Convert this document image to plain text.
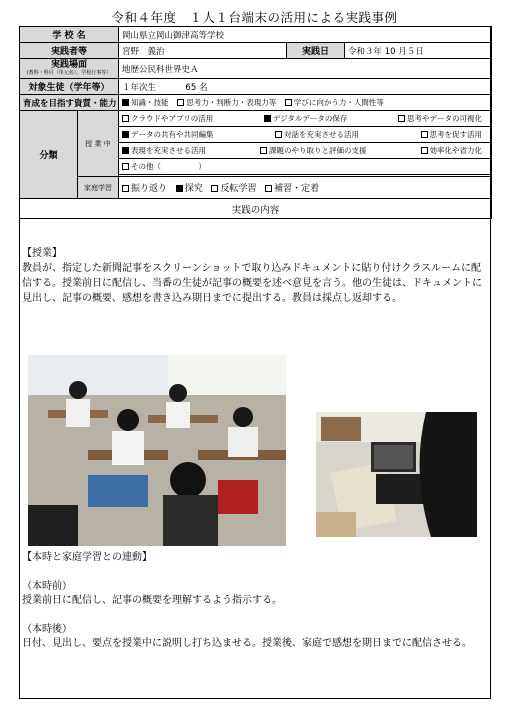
令和４年度　１人１台端末の活用による実践事例
学 校 名		岡山県立岡山御津高等学校		
実践者等		宮野　義治	実践日	令和３年 10 月５日
実践場面
(教科・科目（単元名）、学校行事等）		地歴公民科世界史Ａ		
対象生徒（学年等）		１年次生 65 名		
育成を目指す資質・能力		知識・技能 思考力・判断力・表現力等 学びに向かう力・人間性等		
分類	授 業 中	クラウドやアプリの活用 デジタルデータの保存 思考やデータの可視化		

		データの共有や共同編集 対話を充実させる活用 思考を促す活用		

		表現を充実させる活用 課題のやり取りと評価の支援 効率化や省力化		

		その他（　　　　　）		

	家庭学習	振り返り 探究 反転学習 補習・定着		
実践の内容				

【授業】

教員が、指定した新聞記事をスクリーンショットで取り込みドキュメントに貼り付けクラスルームに配信する。授業前日に配信し、当番の生徒が記事の概要を述べ意見を言う。他の生徒は、ドキュメントに見出し、記事の概要、感想を書き込み期日までに提出する。教員は採点し返却する。

【本時と家庭学習との連動】

（本時前）

授業前日に配信し、記事の概要を理解するよう指示する。

（本時後）

日付、見出し、要点を授業中に説明し打ち込ませる。授業後、家庭で感想を期日までに配信させる。
